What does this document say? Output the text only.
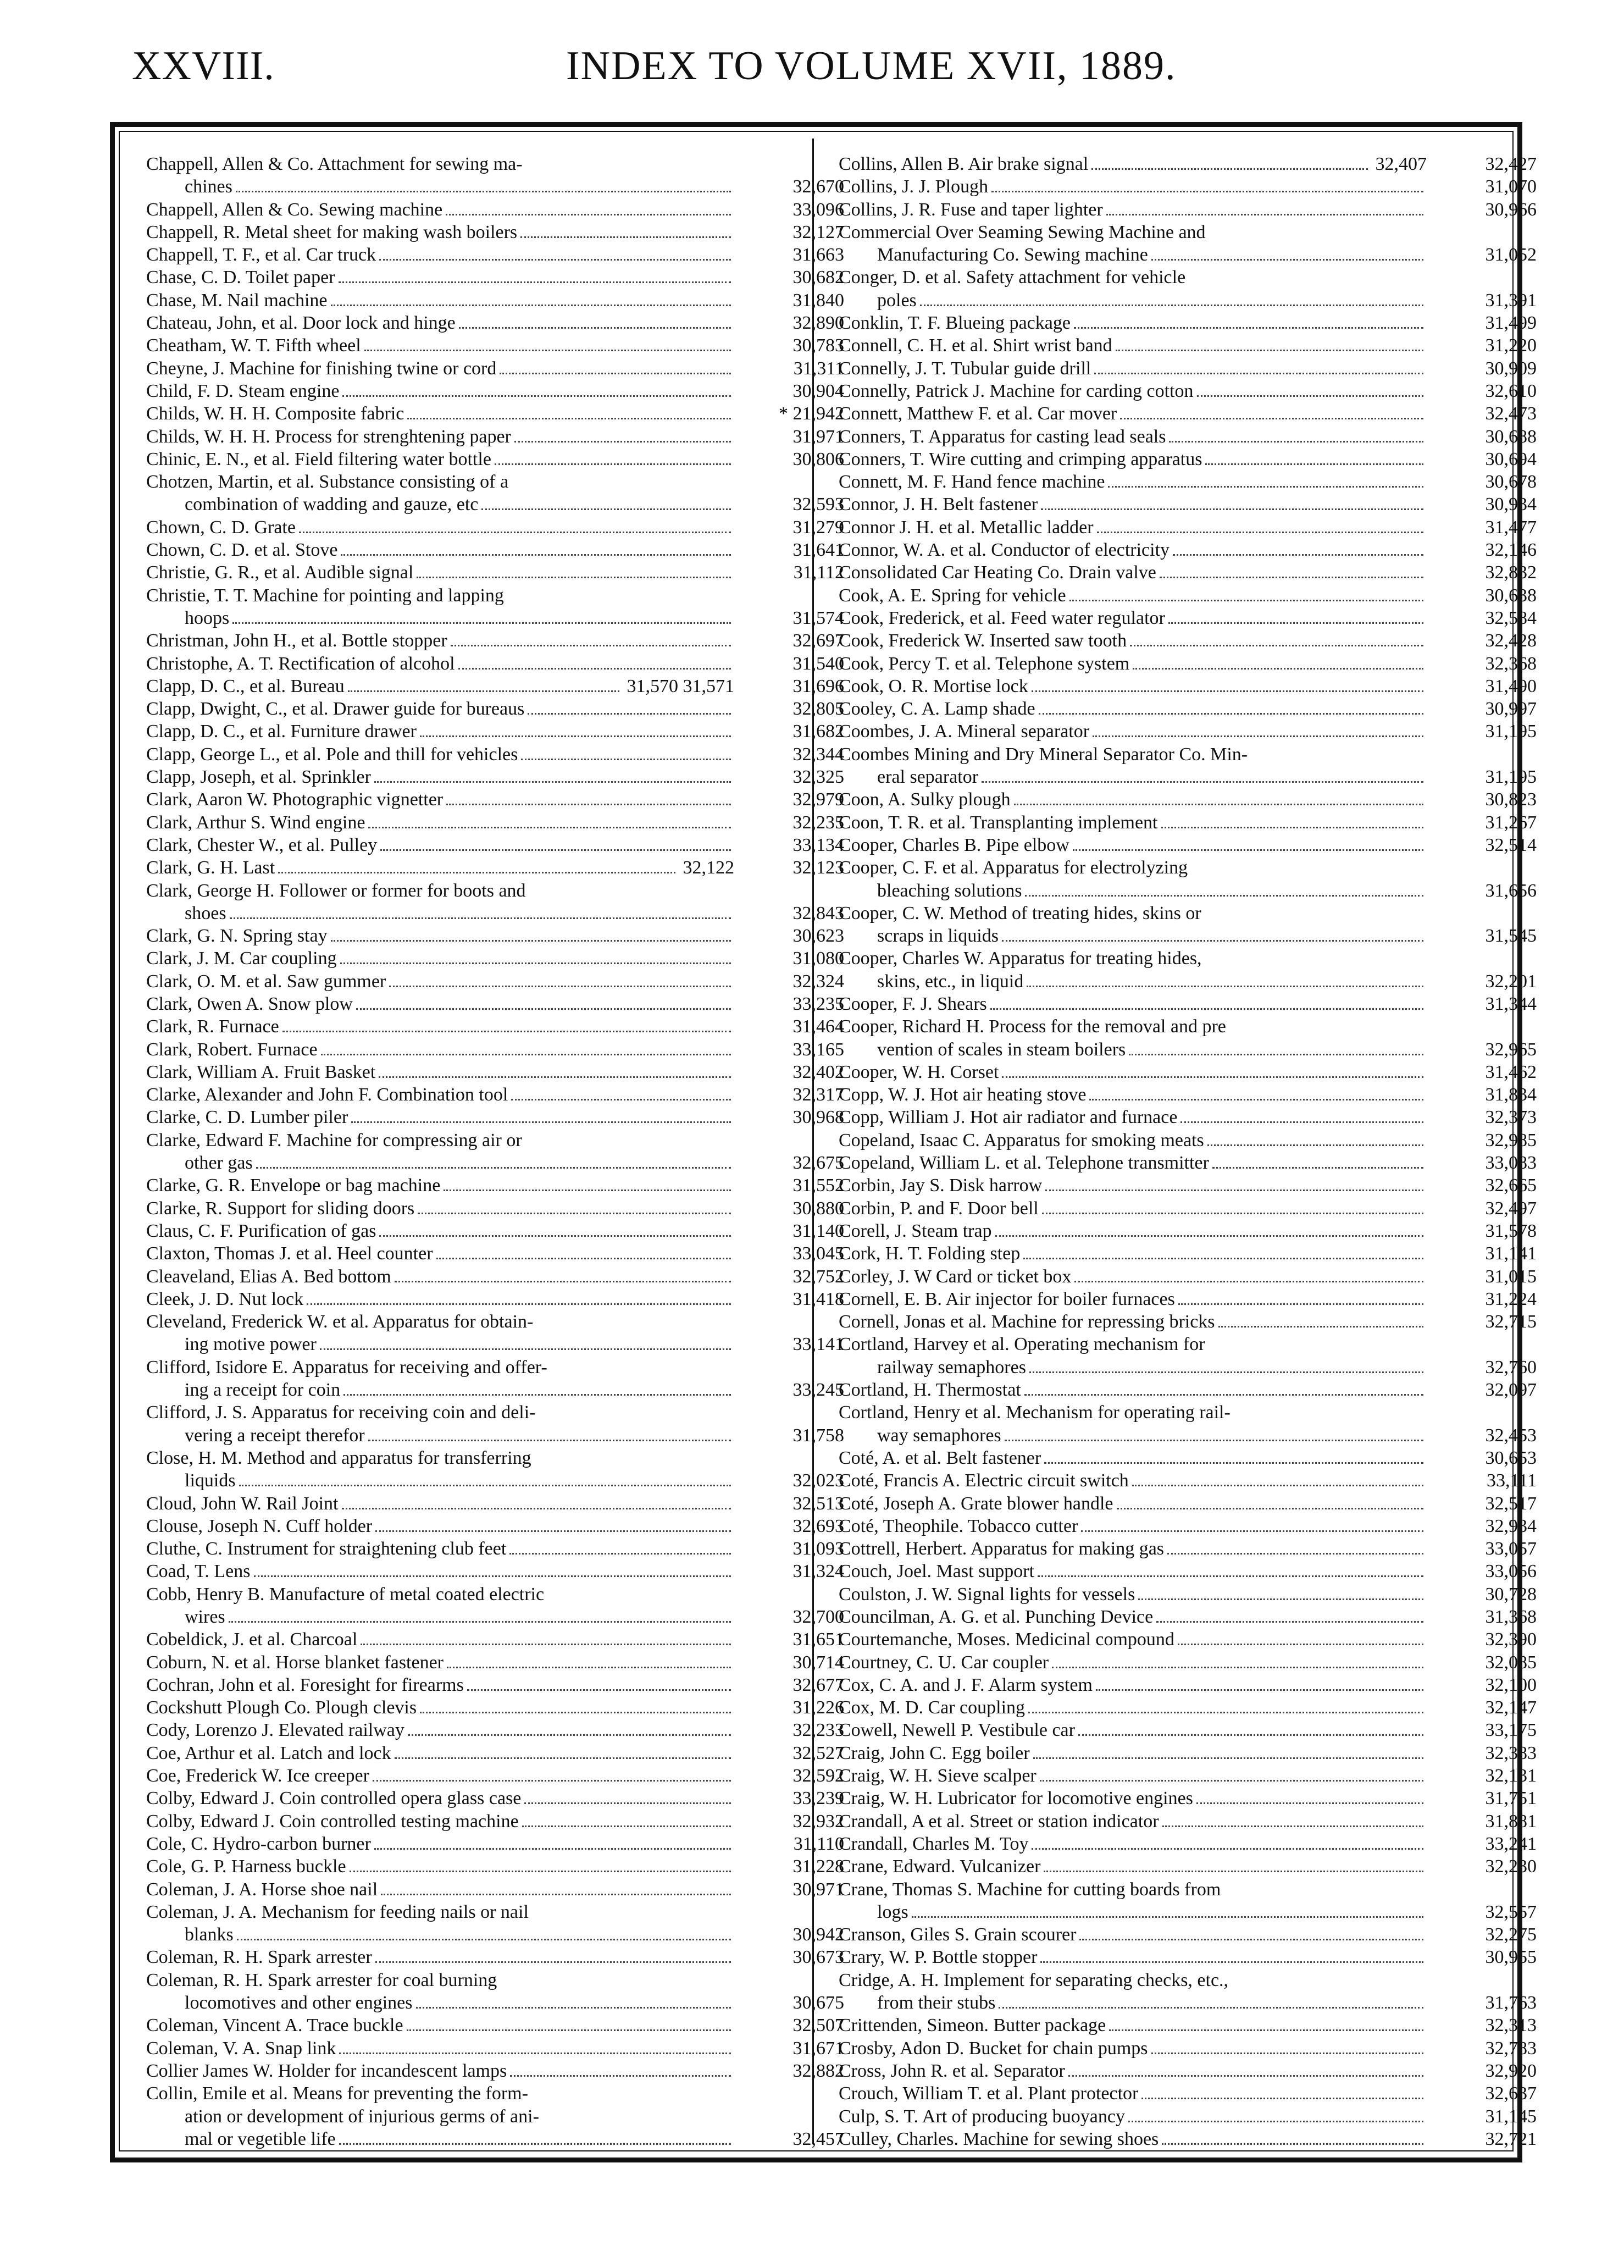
XXVIII.	INDEX TO VOLUME XVII, 1889.
Chappell, Allen & Co. Attachment for sewing ma-
chines	32,670
Chappell, Allen & Co. Sewing machine	33,096
Chappell, R. Metal sheet for making wash boilers	32,127
Chappell, T. F., et al. Car truck	31,663
Chase, C. D. Toilet paper	30,682
Chase, M. Nail machine	31,840
Chateau, John, et al. Door lock and hinge	32,890
Cheatham, W. T. Fifth wheel	30,783
Cheyne, J. Machine for finishing twine or cord	31,311
Child, F. D. Steam engine	30,904
Childs, W. H. H. Composite fabric	* 21,942
Childs, W. H. H. Process for strenghtening paper	31,971
Chinic, E. N., et al. Field filtering water bottle	30,806
Chotzen, Martin, et al. Substance consisting of a
combination of wadding and gauze, etc	32,593
Chown, C. D. Grate	31,279
Chown, C. D. et al. Stove	31,641
Christie, G. R., et al. Audible signal	31,112
Christie, T. T. Machine for pointing and lapping
hoops	31,574
Christman, John H., et al. Bottle stopper	32,697
Christophe, A. T. Rectification of alcohol	31,540
Clapp, D. C., et al. Bureau	31,570 31,571	31,696
Clapp, Dwight, C., et al. Drawer guide for bureaus	32,805
Clapp, D. C., et al. Furniture drawer	31,682
Clapp, George L., et al. Pole and thill for vehicles	32,344
Clapp, Joseph, et al. Sprinkler	32,325
Clark, Aaron W. Photographic vignetter	32,979
Clark, Arthur S. Wind engine	32,235
Clark, Chester W., et al. Pulley	33,134
Clark, G. H. Last	32,122	32,123
Clark, George H. Follower or former for boots and
shoes	32,843
Clark, G. N. Spring stay	30,623
Clark, J. M. Car coupling	31,080
Clark, O. M. et al. Saw gummer	32,324
Clark, Owen A. Snow plow	33,235
Clark, R. Furnace	31,464
Clark, Robert. Furnace	33,165
Clark, William A. Fruit Basket	32,402
Clarke, Alexander and John F. Combination tool	32,317
Clarke, C. D. Lumber piler	30,968
Clarke, Edward F. Machine for compressing air or
other gas	32,675
Clarke, G. R. Envelope or bag machine	31,552
Clarke, R. Support for sliding doors	30,880
Claus, C. F. Purification of gas	31,140
Claxton, Thomas J. et al. Heel counter	33,045
Cleaveland, Elias A. Bed bottom	32,752
Cleek, J. D. Nut lock	31,418
Cleveland, Frederick W. et al. Apparatus for obtain-
ing motive power	33,141
Clifford, Isidore E. Apparatus for receiving and offer-
ing a receipt for coin	33,245
Clifford, J. S. Apparatus for receiving coin and deli-
vering a receipt therefor	31,758
Close, H. M. Method and apparatus for transferring
liquids	32,023
Cloud, John W. Rail Joint	32,513
Clouse, Joseph N. Cuff holder	32,693
Cluthe, C. Instrument for straightening club feet	31,093
Coad, T. Lens	31,324
Cobb, Henry B. Manufacture of metal coated electric
wires	32,700
Cobeldick, J. et al. Charcoal	31,651
Coburn, N. et al. Horse blanket fastener	30,714
Cochran, John et al. Foresight for firearms	32,677
Cockshutt Plough Co. Plough clevis	31,226
Cody, Lorenzo J. Elevated railway	32,233
Coe, Arthur et al. Latch and lock	32,527
Coe, Frederick W. Ice creeper	32,592
Colby, Edward J. Coin controlled opera glass case	33,239
Colby, Edward J. Coin controlled testing machine	32,932
Cole, C. Hydro-carbon burner	31,110
Cole, G. P. Harness buckle	31,228
Coleman, J. A. Horse shoe nail	30,971
Coleman, J. A. Mechanism for feeding nails or nail
blanks	30,942
Coleman, R. H. Spark arrester	30,673
Coleman, R. H. Spark arrester for coal burning
locomotives and other engines	30,675
Coleman, Vincent A. Trace buckle	32,507
Coleman, V. A. Snap link	31,671
Collier James W. Holder for incandescent lamps	32,882
Collin, Emile et al. Means for preventing the form-
ation or development of injurious germs of ani-
mal or vegetible life	32,457
Collins, Allen B. Air brake signal	32,407	32,427
Collins, J. J. Plough	31,070
Collins, J. R. Fuse and taper lighter	30,966
Commercial Over Seaming Sewing Machine and
Manufacturing Co. Sewing machine	31,052
Conger, D. et al. Safety attachment for vehicle
poles	31,391
Conklin, T. F. Blueing package	31,499
Connell, C. H. et al. Shirt wrist band	31,220
Connelly, J. T. Tubular guide drill	30,909
Connelly, Patrick J. Machine for carding cotton	32,610
Connett, Matthew F. et al. Car mover	32,473
Conners, T. Apparatus for casting lead seals	30,688
Conners, T. Wire cutting and crimping apparatus	30,694
Connett, M. F. Hand fence machine	30,678
Connor, J. H. Belt fastener	30,934
Connor J. H. et al. Metallic ladder	31,477
Connor, W. A. et al. Conductor of electricity	32,146
Consolidated Car Heating Co. Drain valve	32,832
Cook, A. E. Spring for vehicle	30,638
Cook, Frederick, et al. Feed water regulator	32,584
Cook, Frederick W. Inserted saw tooth	32,428
Cook, Percy T. et al. Telephone system	32,368
Cook, O. R. Mortise lock	31,490
Cooley, C. A. Lamp shade	30,997
Coombes, J. A. Mineral separator	31,195
Coombes Mining and Dry Mineral Separator Co. Min-
eral separator	31,195
Coon, A. Sulky plough	30,823
Coon, T. R. et al. Transplanting implement	31,267
Cooper, Charles B. Pipe elbow	32,514
Cooper, C. F. et al. Apparatus for electrolyzing
bleaching solutions	31,656
Cooper, C. W. Method of treating hides, skins or
scraps in liquids	31,545
Cooper, Charles W. Apparatus for treating hides,
skins, etc., in liquid	32,201
Cooper, F. J. Shears	31,344
Cooper, Richard H. Process for the removal and pre
vention of scales in steam boilers	32,965
Cooper, W. H. Corset	31,462
Copp, W. J. Hot air heating stove	31,834
Copp, William J. Hot air radiator and furnace	32,373
Copeland, Isaac C. Apparatus for smoking meats	32,985
Copeland, William L. et al. Telephone transmitter	33,083
Corbin, Jay S. Disk harrow	32,665
Corbin, P. and F. Door bell	32,497
Corell, J. Steam trap	31,578
Cork, H. T. Folding step	31,141
Corley, J. W Card or ticket box	31,015
Cornell, E. B. Air injector for boiler furnaces	31,224
Cornell, Jonas et al. Machine for repressing bricks	32,715
Cortland, Harvey et al. Operating mechanism for
railway semaphores	32,760
Cortland, H. Thermostat	32,097
Cortland, Henry et al. Mechanism for operating rail-
way semaphores	32,453
Coté, A. et al. Belt fastener	30,653
Coté, Francis A. Electric circuit switch	33,111
Coté, Joseph A. Grate blower handle	32,517
Coté, Theophile. Tobacco cutter	32,934
Cottrell, Herbert. Apparatus for making gas	33,057
Couch, Joel. Mast support	33,056
Coulston, J. W. Signal lights for vessels	30,728
Councilman, A. G. et al. Punching Device	31,368
Courtemanche, Moses. Medicinal compound	32,390
Courtney, C. U. Car coupler	32,085
Cox, C. A. and J. F. Alarm system	32,100
Cox, M. D. Car coupling	32,147
Cowell, Newell P. Vestibule car	33,175
Craig, John C. Egg boiler	32,383
Craig, W. H. Sieve scalper	32,131
Craig, W. H. Lubricator for locomotive engines	31,751
Crandall, A et al. Street or station indicator	31,881
Crandall, Charles M. Toy	33,241
Crane, Edward. Vulcanizer	32,230
Crane, Thomas S. Machine for cutting boards from
logs	32,557
Cranson, Giles S. Grain scourer	32,275
Crary, W. P. Bottle stopper	30,955
Cridge, A. H. Implement for separating checks, etc.,
from their stubs	31,763
Crittenden, Simeon. Butter package	32,313
Crosby, Adon D. Bucket for chain pumps	32,783
Cross, John R. et al. Separator	32,920
Crouch, William T. et al. Plant protector	32,637
Culp, S. T. Art of producing buoyancy	31,145
Culley, Charles. Machine for sewing shoes	32,721
